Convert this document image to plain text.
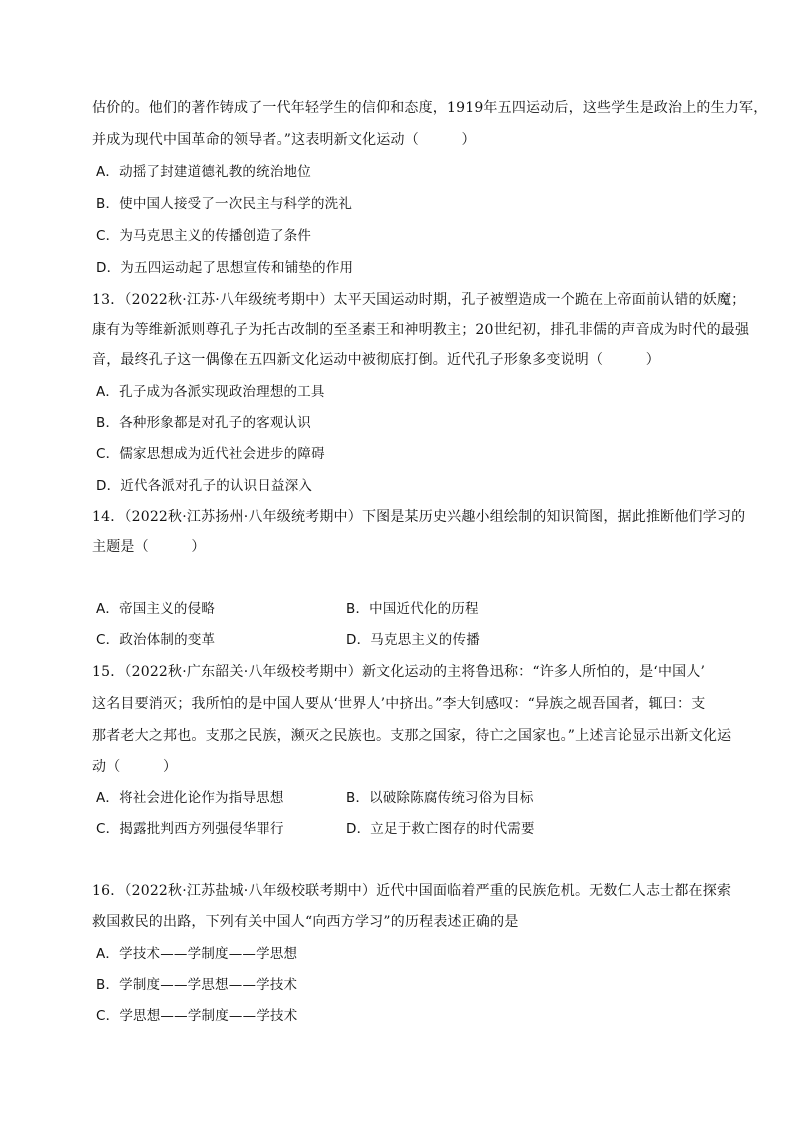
估价的。他们的著作铸成了一代年轻学生的信仰和态度，1919年五四运动后，这些学生是政治上的生力军，
并成为现代中国革命的领导者。”这表明新文化运动（　　　）
A．动摇了封建道德礼教的统治地位
B．使中国人接受了一次民主与科学的洗礼
C．为马克思主义的传播创造了条件
D．为五四运动起了思想宣传和铺垫的作用
13．（2022秋·江苏·八年级统考期中）太平天国运动时期，孔子被塑造成一个跪在上帝面前认错的妖魔；
康有为等维新派则尊孔子为托古改制的至圣素王和神明教主；20世纪初，排孔非儒的声音成为时代的最强
音，最终孔子这一偶像在五四新文化运动中被彻底打倒。近代孔子形象多变说明（　　　）
A．孔子成为各派实现政治理想的工具
B．各种形象都是对孔子的客观认识
C．儒家思想成为近代社会进步的障碍
D．近代各派对孔子的认识日益深入
14．（2022秋·江苏扬州·八年级统考期中）下图是某历史兴趣小组绘制的知识简图，据此推断他们学习的
主题是（　　　）
A．帝国主义的侵略	B．中国近代化的历程
C．政治体制的变革	D．马克思主义的传播
15．（2022秋·广东韶关·八年级校考期中）新文化运动的主将鲁迅称：“许多人所怕的，是‘中国人’
这名目要消灭；我所怕的是中国人要从‘世界人’中挤出。”李大钊感叹：“异族之觇吾国者，辄曰：支
那者老大之邦也。支那之民族，濒灭之民族也。支那之国家，待亡之国家也。”上述言论显示出新文化运
动（　　　）
A．将社会进化论作为指导思想	B．以破除陈腐传统习俗为目标
C．揭露批判西方列强侵华罪行	D．立足于救亡图存的时代需要
16．（2022秋·江苏盐城·八年级校联考期中）近代中国面临着严重的民族危机。无数仁人志士都在探索
救国救民的出路，下列有关中国人“向西方学习”的历程表述正确的是
A．学技术——学制度——学思想
B．学制度——学思想——学技术
C．学思想——学制度——学技术
